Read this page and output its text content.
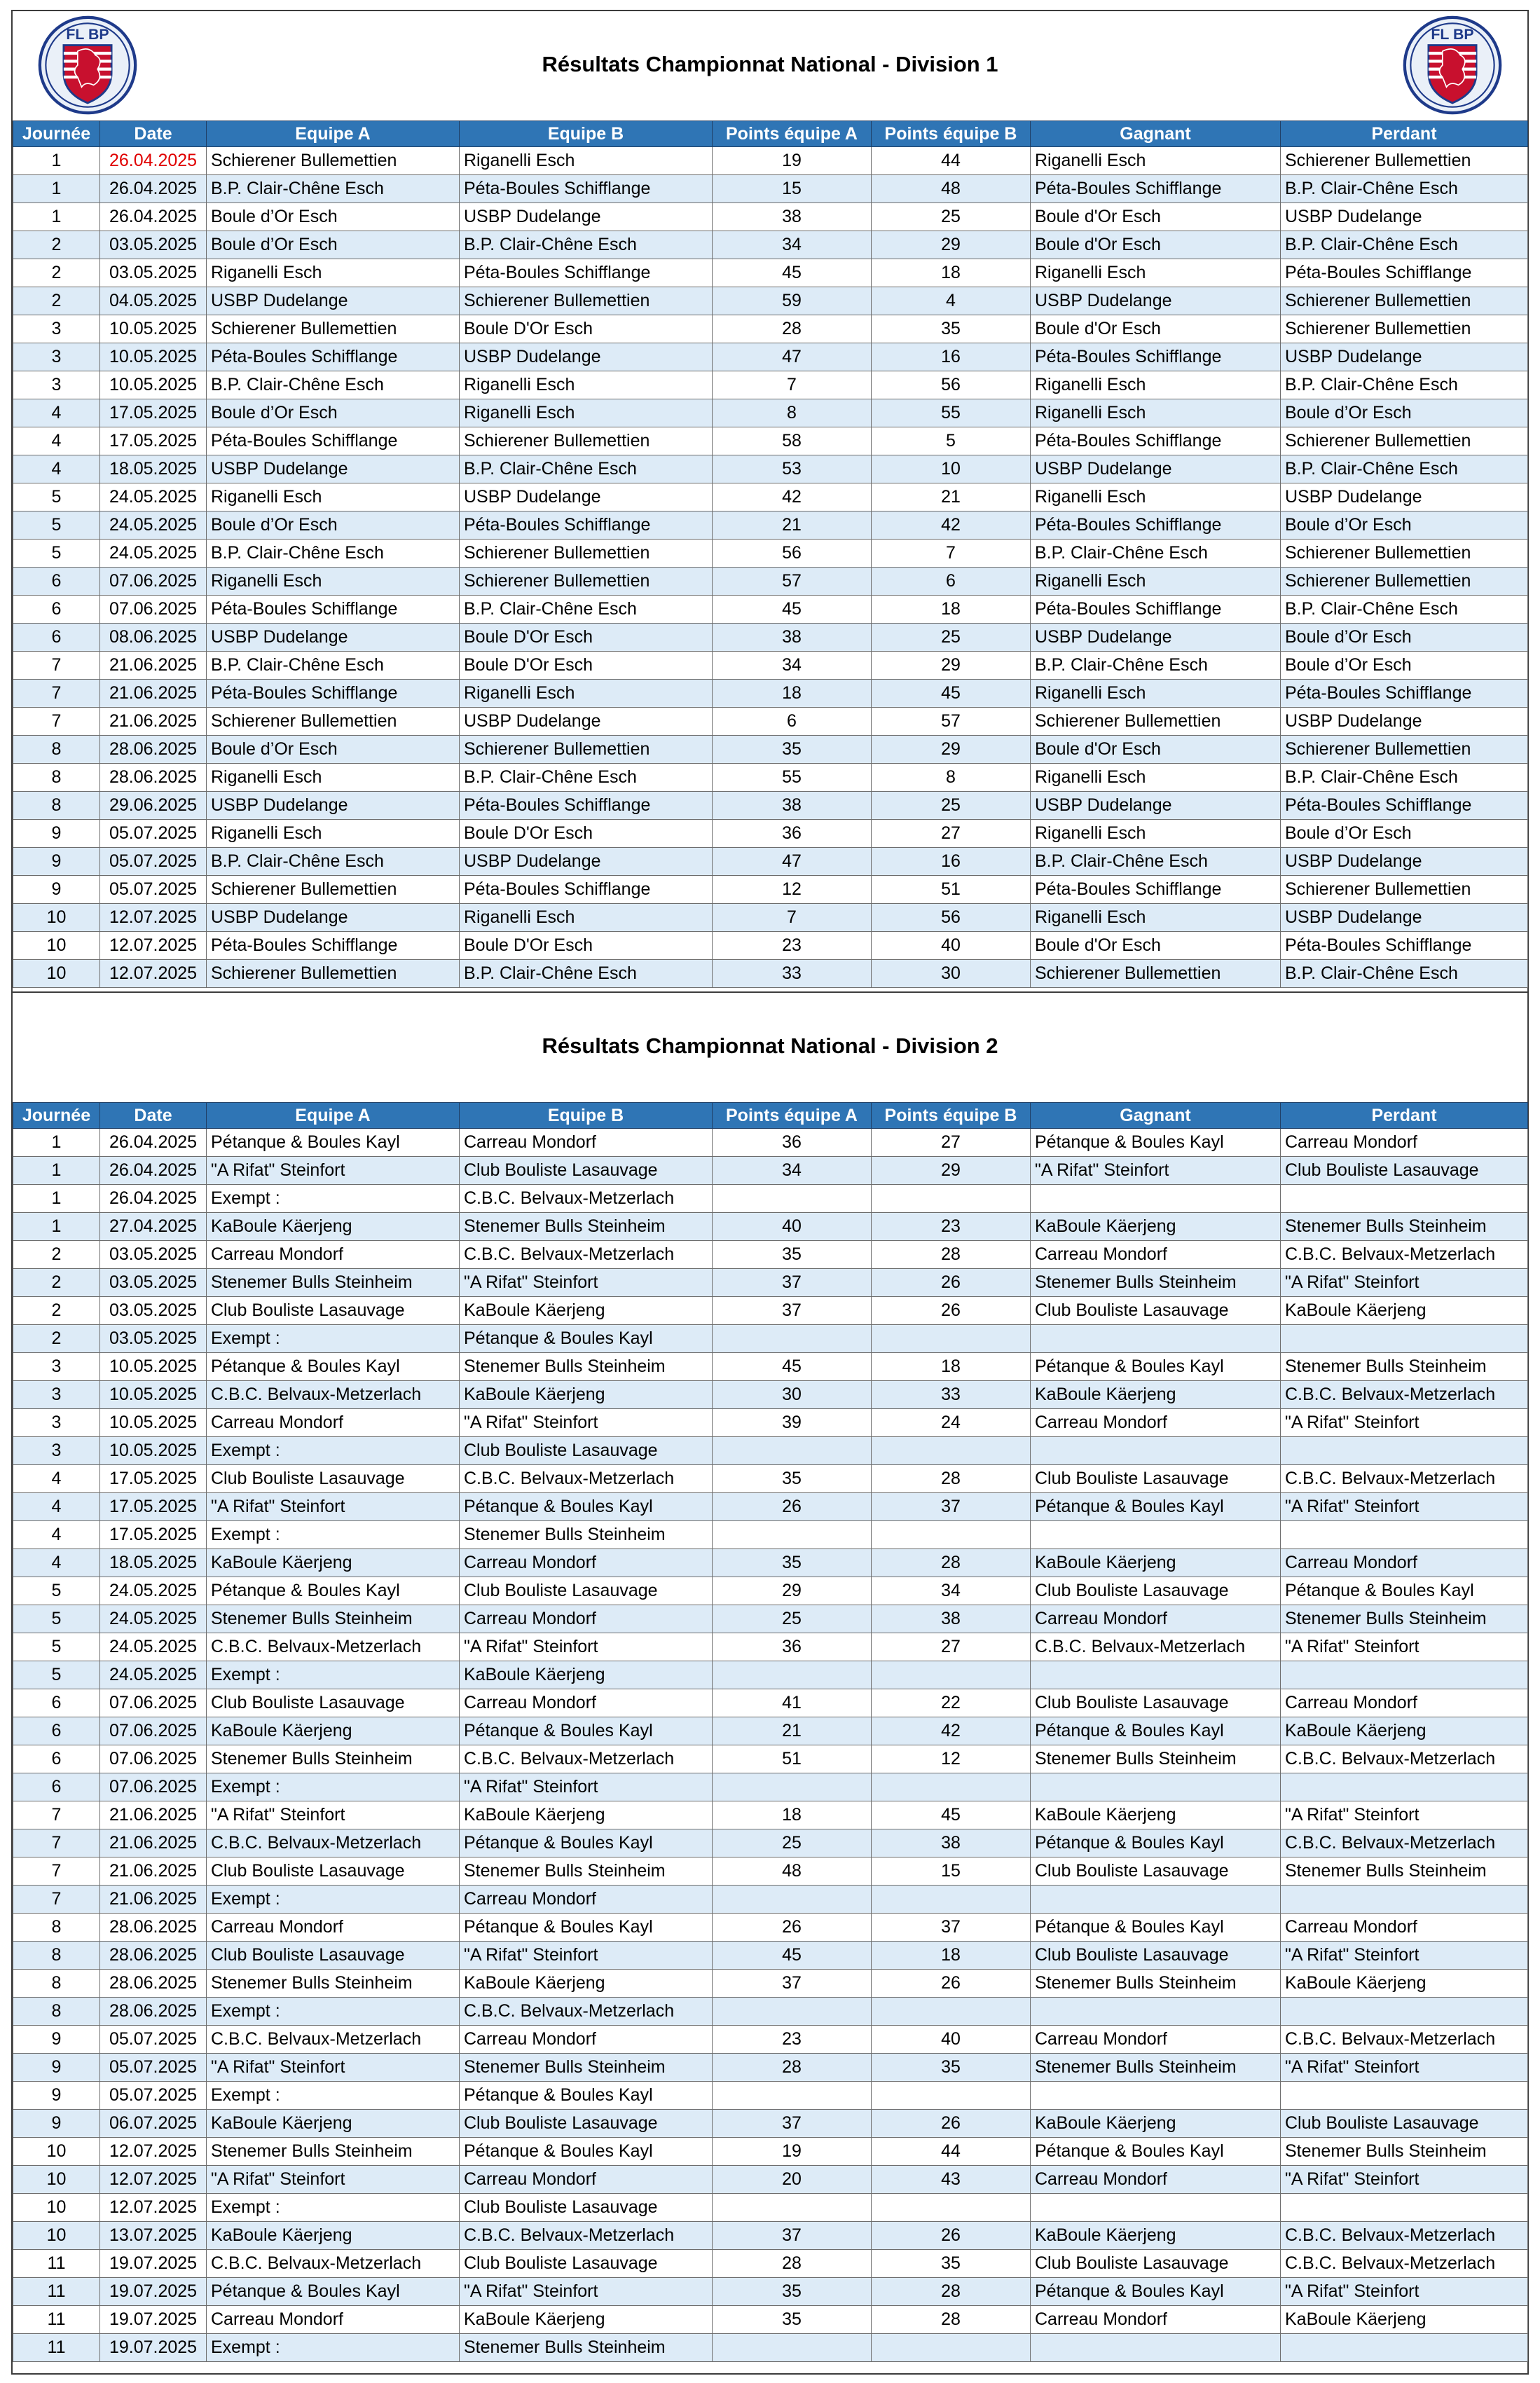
FL BP
Résultats Championnat National - Division 1
FL BP
Journée	Date	Equipe A	Equipe B	Points équipe A	Points équipe B	Gagnant	Perdant
1	26.04.2025	Schierener Bullemettien	Riganelli Esch	19	44	Riganelli Esch	Schierener Bullemettien
1	26.04.2025	B.P. Clair-Chêne Esch	Péta-Boules Schifflange	15	48	Péta-Boules Schifflange	B.P. Clair-Chêne Esch
1	26.04.2025	Boule d’Or Esch	USBP Dudelange	38	25	Boule d'Or Esch	USBP Dudelange
2	03.05.2025	Boule d’Or Esch	B.P. Clair-Chêne Esch	34	29	Boule d'Or Esch	B.P. Clair-Chêne Esch
2	03.05.2025	Riganelli Esch	Péta-Boules Schifflange	45	18	Riganelli Esch	Péta-Boules Schifflange
2	04.05.2025	USBP Dudelange	Schierener Bullemettien	59	4	USBP Dudelange	Schierener Bullemettien
3	10.05.2025	Schierener Bullemettien	Boule D'Or Esch	28	35	Boule d'Or Esch	Schierener Bullemettien
3	10.05.2025	Péta-Boules Schifflange	USBP Dudelange	47	16	Péta-Boules Schifflange	USBP Dudelange
3	10.05.2025	B.P. Clair-Chêne Esch	Riganelli Esch	7	56	Riganelli Esch	B.P. Clair-Chêne Esch
4	17.05.2025	Boule d’Or Esch	Riganelli Esch	8	55	Riganelli Esch	Boule d’Or Esch
4	17.05.2025	Péta-Boules Schifflange	Schierener Bullemettien	58	5	Péta-Boules Schifflange	Schierener Bullemettien
4	18.05.2025	USBP Dudelange	B.P. Clair-Chêne Esch	53	10	USBP Dudelange	B.P. Clair-Chêne Esch
5	24.05.2025	Riganelli Esch	USBP Dudelange	42	21	Riganelli Esch	USBP Dudelange
5	24.05.2025	Boule d’Or Esch	Péta-Boules Schifflange	21	42	Péta-Boules Schifflange	Boule d’Or Esch
5	24.05.2025	B.P. Clair-Chêne Esch	Schierener Bullemettien	56	7	B.P. Clair-Chêne Esch	Schierener Bullemettien
6	07.06.2025	Riganelli Esch	Schierener Bullemettien	57	6	Riganelli Esch	Schierener Bullemettien
6	07.06.2025	Péta-Boules Schifflange	B.P. Clair-Chêne Esch	45	18	Péta-Boules Schifflange	B.P. Clair-Chêne Esch
6	08.06.2025	USBP Dudelange	Boule D'Or Esch	38	25	USBP Dudelange	Boule d’Or Esch
7	21.06.2025	B.P. Clair-Chêne Esch	Boule D'Or Esch	34	29	B.P. Clair-Chêne Esch	Boule d’Or Esch
7	21.06.2025	Péta-Boules Schifflange	Riganelli Esch	18	45	Riganelli Esch	Péta-Boules Schifflange
7	21.06.2025	Schierener Bullemettien	USBP Dudelange	6	57	Schierener Bullemettien	USBP Dudelange
8	28.06.2025	Boule d’Or Esch	Schierener Bullemettien	35	29	Boule d'Or Esch	Schierener Bullemettien
8	28.06.2025	Riganelli Esch	B.P. Clair-Chêne Esch	55	8	Riganelli Esch	B.P. Clair-Chêne Esch
8	29.06.2025	USBP Dudelange	Péta-Boules Schifflange	38	25	USBP Dudelange	Péta-Boules Schifflange
9	05.07.2025	Riganelli Esch	Boule D'Or Esch	36	27	Riganelli Esch	Boule d’Or Esch
9	05.07.2025	B.P. Clair-Chêne Esch	USBP Dudelange	47	16	B.P. Clair-Chêne Esch	USBP Dudelange
9	05.07.2025	Schierener Bullemettien	Péta-Boules Schifflange	12	51	Péta-Boules Schifflange	Schierener Bullemettien
10	12.07.2025	USBP Dudelange	Riganelli Esch	7	56	Riganelli Esch	USBP Dudelange
10	12.07.2025	Péta-Boules Schifflange	Boule D'Or Esch	23	40	Boule d'Or Esch	Péta-Boules Schifflange
10	12.07.2025	Schierener Bullemettien	B.P. Clair-Chêne Esch	33	30	Schierener Bullemettien	B.P. Clair-Chêne Esch
Résultats Championnat National - Division 2
Journée	Date	Equipe A	Equipe B	Points équipe A	Points équipe B	Gagnant	Perdant
1	26.04.2025	Pétanque & Boules Kayl	Carreau Mondorf	36	27	Pétanque & Boules Kayl	Carreau Mondorf
1	26.04.2025	"A Rifat" Steinfort	Club Bouliste Lasauvage	34	29	"A Rifat" Steinfort	Club Bouliste Lasauvage
1	26.04.2025	Exempt :	C.B.C. Belvaux-Metzerlach				
1	27.04.2025	KaBoule Käerjeng	Stenemer Bulls Steinheim	40	23	KaBoule Käerjeng	Stenemer Bulls Steinheim
2	03.05.2025	Carreau Mondorf	C.B.C. Belvaux-Metzerlach	35	28	Carreau Mondorf	C.B.C. Belvaux-Metzerlach
2	03.05.2025	Stenemer Bulls Steinheim	"A Rifat" Steinfort	37	26	Stenemer Bulls Steinheim	"A Rifat" Steinfort
2	03.05.2025	Club Bouliste Lasauvage	KaBoule Käerjeng	37	26	Club Bouliste Lasauvage	KaBoule Käerjeng
2	03.05.2025	Exempt :	Pétanque & Boules Kayl				
3	10.05.2025	Pétanque & Boules Kayl	Stenemer Bulls Steinheim	45	18	Pétanque & Boules Kayl	Stenemer Bulls Steinheim
3	10.05.2025	C.B.C. Belvaux-Metzerlach	KaBoule Käerjeng	30	33	KaBoule Käerjeng	C.B.C. Belvaux-Metzerlach
3	10.05.2025	Carreau Mondorf	"A Rifat" Steinfort	39	24	Carreau Mondorf	"A Rifat" Steinfort
3	10.05.2025	Exempt :	Club Bouliste Lasauvage				
4	17.05.2025	Club Bouliste Lasauvage	C.B.C. Belvaux-Metzerlach	35	28	Club Bouliste Lasauvage	C.B.C. Belvaux-Metzerlach
4	17.05.2025	"A Rifat" Steinfort	Pétanque & Boules Kayl	26	37	Pétanque & Boules Kayl	"A Rifat" Steinfort
4	17.05.2025	Exempt :	Stenemer Bulls Steinheim				
4	18.05.2025	KaBoule Käerjeng	Carreau Mondorf	35	28	KaBoule Käerjeng	Carreau Mondorf
5	24.05.2025	Pétanque & Boules Kayl	Club Bouliste Lasauvage	29	34	Club Bouliste Lasauvage	Pétanque & Boules Kayl
5	24.05.2025	Stenemer Bulls Steinheim	Carreau Mondorf	25	38	Carreau Mondorf	Stenemer Bulls Steinheim
5	24.05.2025	C.B.C. Belvaux-Metzerlach	"A Rifat" Steinfort	36	27	C.B.C. Belvaux-Metzerlach	"A Rifat" Steinfort
5	24.05.2025	Exempt :	KaBoule Käerjeng				
6	07.06.2025	Club Bouliste Lasauvage	Carreau Mondorf	41	22	Club Bouliste Lasauvage	Carreau Mondorf
6	07.06.2025	KaBoule Käerjeng	Pétanque & Boules Kayl	21	42	Pétanque & Boules Kayl	KaBoule Käerjeng
6	07.06.2025	Stenemer Bulls Steinheim	C.B.C. Belvaux-Metzerlach	51	12	Stenemer Bulls Steinheim	C.B.C. Belvaux-Metzerlach
6	07.06.2025	Exempt :	"A Rifat" Steinfort				
7	21.06.2025	"A Rifat" Steinfort	KaBoule Käerjeng	18	45	KaBoule Käerjeng	"A Rifat" Steinfort
7	21.06.2025	C.B.C. Belvaux-Metzerlach	Pétanque & Boules Kayl	25	38	Pétanque & Boules Kayl	C.B.C. Belvaux-Metzerlach
7	21.06.2025	Club Bouliste Lasauvage	Stenemer Bulls Steinheim	48	15	Club Bouliste Lasauvage	Stenemer Bulls Steinheim
7	21.06.2025	Exempt :	Carreau Mondorf				
8	28.06.2025	Carreau Mondorf	Pétanque & Boules Kayl	26	37	Pétanque & Boules Kayl	Carreau Mondorf
8	28.06.2025	Club Bouliste Lasauvage	"A Rifat" Steinfort	45	18	Club Bouliste Lasauvage	"A Rifat" Steinfort
8	28.06.2025	Stenemer Bulls Steinheim	KaBoule Käerjeng	37	26	Stenemer Bulls Steinheim	KaBoule Käerjeng
8	28.06.2025	Exempt :	C.B.C. Belvaux-Metzerlach				
9	05.07.2025	C.B.C. Belvaux-Metzerlach	Carreau Mondorf	23	40	Carreau Mondorf	C.B.C. Belvaux-Metzerlach
9	05.07.2025	"A Rifat" Steinfort	Stenemer Bulls Steinheim	28	35	Stenemer Bulls Steinheim	"A Rifat" Steinfort
9	05.07.2025	Exempt :	Pétanque & Boules Kayl				
9	06.07.2025	KaBoule Käerjeng	Club Bouliste Lasauvage	37	26	KaBoule Käerjeng	Club Bouliste Lasauvage
10	12.07.2025	Stenemer Bulls Steinheim	Pétanque & Boules Kayl	19	44	Pétanque & Boules Kayl	Stenemer Bulls Steinheim
10	12.07.2025	"A Rifat" Steinfort	Carreau Mondorf	20	43	Carreau Mondorf	"A Rifat" Steinfort
10	12.07.2025	Exempt :	Club Bouliste Lasauvage				
10	13.07.2025	KaBoule Käerjeng	C.B.C. Belvaux-Metzerlach	37	26	KaBoule Käerjeng	C.B.C. Belvaux-Metzerlach
11	19.07.2025	C.B.C. Belvaux-Metzerlach	Club Bouliste Lasauvage	28	35	Club Bouliste Lasauvage	C.B.C. Belvaux-Metzerlach
11	19.07.2025	Pétanque & Boules Kayl	"A Rifat" Steinfort	35	28	Pétanque & Boules Kayl	"A Rifat" Steinfort
11	19.07.2025	Carreau Mondorf	KaBoule Käerjeng	35	28	Carreau Mondorf	KaBoule Käerjeng
11	19.07.2025	Exempt :	Stenemer Bulls Steinheim				
